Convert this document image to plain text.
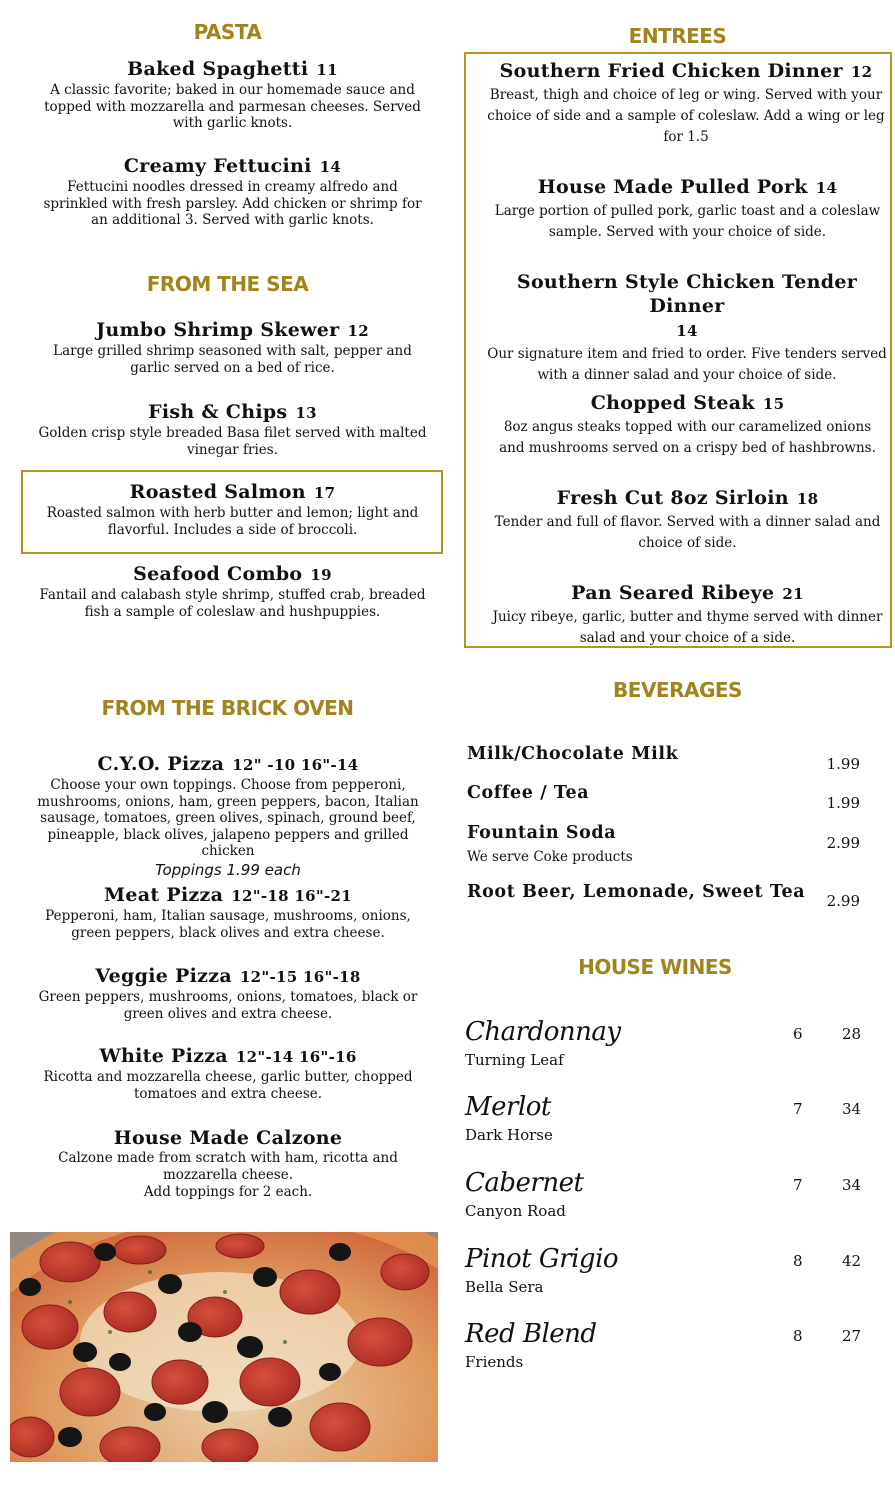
PASTA
Baked Spaghetti 11
A classic favorite; baked in our homemade sauce and topped with mozzarella and parmesan cheeses. Served with garlic knots.
Creamy Fettucini 14
Fettucini noodles dressed in creamy alfredo and sprinkled with fresh parsley. Add chicken or shrimp for an additional 3. Served with garlic knots.
FROM THE SEA
Jumbo Shrimp Skewer 12
Large grilled shrimp seasoned with salt, pepper and garlic served on a bed of rice.
Fish & Chips 13
Golden crisp style breaded Basa filet served with malted vinegar fries.
Roasted Salmon 17
Roasted salmon with herb butter and lemon; light and flavorful. Includes a side of broccoli.
Seafood Combo 19
Fantail and calabash style shrimp, stuffed crab, breaded fish a sample of coleslaw and hushpuppies.
FROM THE BRICK OVEN
C.Y.O. Pizza 12" -10 16"-14
Choose your own toppings. Choose from pepperoni, mushrooms, onions, ham, green peppers, bacon, Italian sausage, tomatoes, green olives, spinach, ground beef, pineapple, black olives, jalapeno peppers and grilled chicken
Toppings 1.99 each
Meat Pizza 12"-18 16"-21
Pepperoni, ham, Italian sausage, mushrooms, onions, green peppers, black olives and extra cheese.
Veggie Pizza 12"-15 16"-18
Green peppers, mushrooms, onions, tomatoes, black or green olives and extra cheese.
White Pizza 12"-14 16"-16
Ricotta and mozzarella cheese, garlic butter, chopped tomatoes and extra cheese.
House Made Calzone
Calzone made from scratch with ham, ricotta and mozzarella cheese.
Add toppings for 2 each.
ENTREES
Southern Fried Chicken Dinner 12
Breast, thigh and choice of leg or wing. Served with your choice of side and a sample of coleslaw. Add a wing or leg for 1.5
House Made Pulled Pork 14
Large portion of pulled pork, garlic toast and a coleslaw sample. Served with your choice of side.
Southern Style Chicken Tender Dinner
14
Our signature item and fried to order. Five tenders served with a dinner salad and your choice of side.
Chopped Steak 15
8oz angus steaks topped with our caramelized onions and mushrooms served on a crispy bed of hashbrowns.
Fresh Cut 8oz Sirloin 18
Tender and full of flavor. Served with a dinner salad and choice of side.
Pan Seared Ribeye 21
Juicy ribeye, garlic, butter and thyme served with dinner salad and your choice of a side.
BEVERAGES
Milk/Chocolate Milk	1.99
Coffee / Tea	1.99
Fountain Soda	2.99
We serve Coke products
Root Beer, Lemonade, Sweet Tea	2.99
HOUSE WINES
Chardonnay
Turning Leaf
6	28
Merlot
Dark Horse
7	34
Cabernet
Canyon Road
7	34
Pinot Grigio
Bella Sera
8	42
Red Blend
Friends
8	27
